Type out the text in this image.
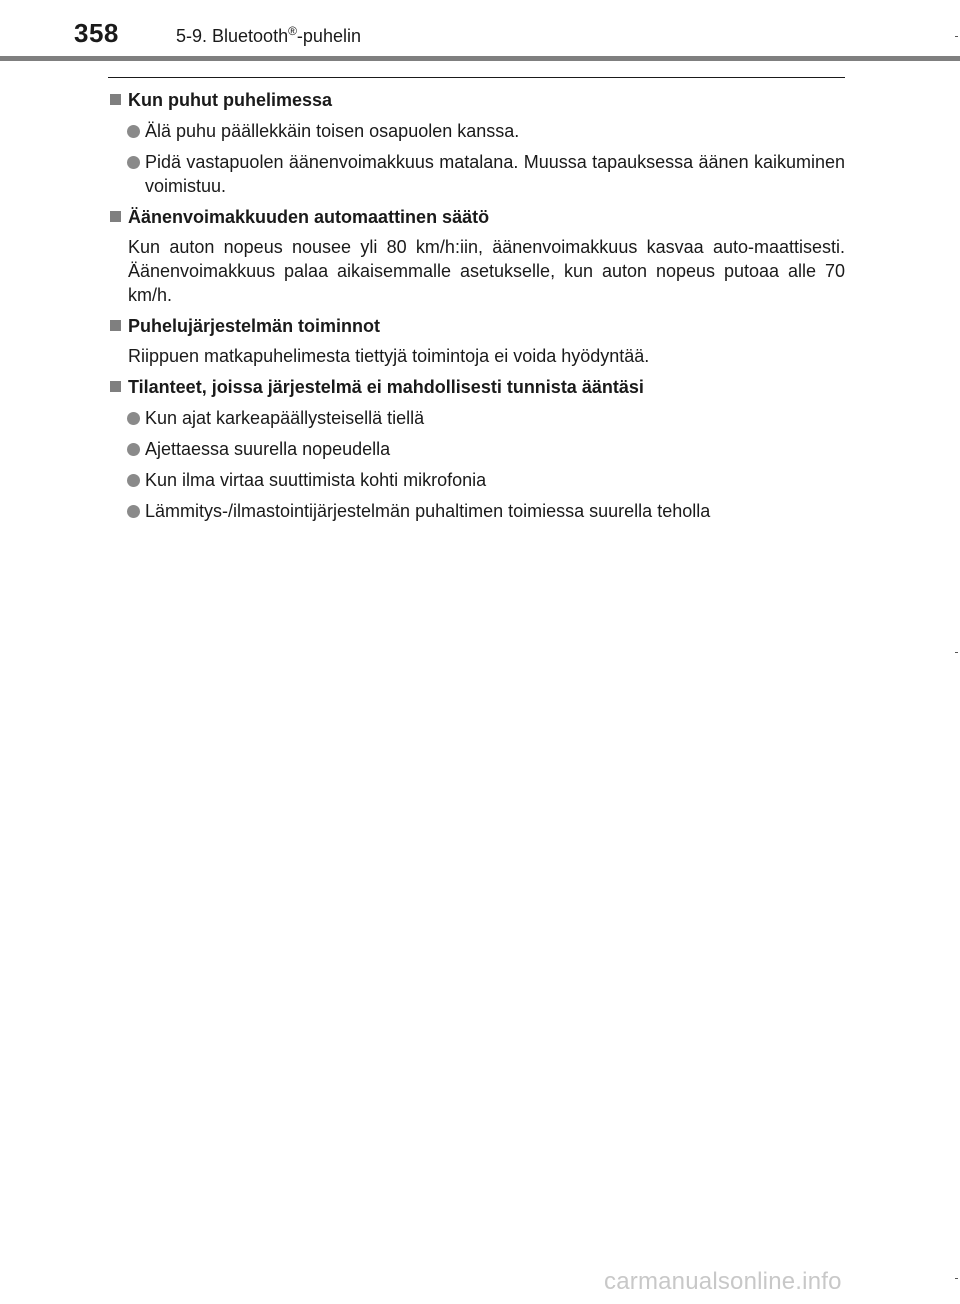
358	5-9. Bluetooth®-puhelin
Kun puhut puhelimessa
Älä puhu päällekkäin toisen osapuolen kanssa.
Pidä vastapuolen äänenvoimakkuus matalana. Muussa tapauksessa äänen kaikuminen voimistuu.
Äänenvoimakkuuden automaattinen säätö
Kun auton nopeus nousee yli 80 km/h:iin, äänenvoimakkuus kasvaa auto-maattisesti. Äänenvoimakkuus palaa aikaisemmalle asetukselle, kun auton nopeus putoaa alle 70 km/h.
Puhelujärjestelmän toiminnot
Riippuen matkapuhelimesta tiettyjä toimintoja ei voida hyödyntää.
Tilanteet, joissa järjestelmä ei mahdollisesti tunnista ääntäsi
Kun ajat karkeapäällysteisellä tiellä
Ajettaessa suurella nopeudella
Kun ilma virtaa suuttimista kohti mikrofonia
Lämmitys-/ilmastointijärjestelmän puhaltimen toimiessa suurella teholla
carmanualsonline.info
